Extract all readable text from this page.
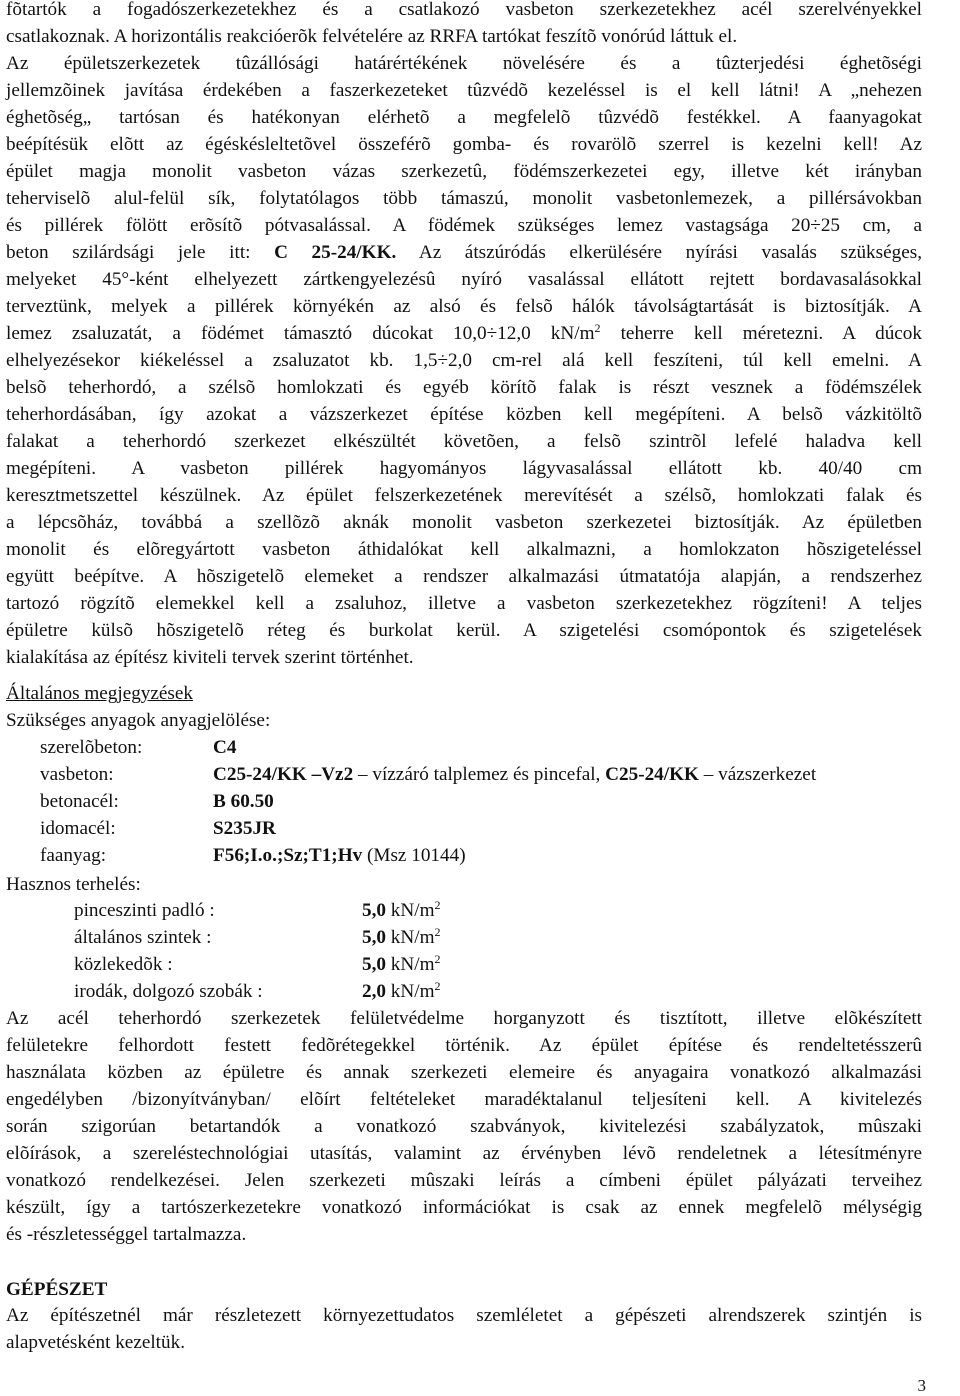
fõtartók a fogadószerkezetekhez és a csatlakozó vasbeton szerkezetekhez acél szerelvényekkel
csatlakoznak. A horizontális reakcióerõk felvételére az RRFA tartókat feszítõ vonórúd láttuk el.
Az épületszerkezetek tûzállósági határértékének növelésére és a tûzterjedési éghetõségi
jellemzõinek javítása érdekében a faszerkezeteket tûzvédõ kezeléssel is el kell látni! A „nehezen
éghetõség„ tartósan és hatékonyan elérhetõ a megfelelõ tûzvédõ festékkel. A faanyagokat
beépítésük elõtt az égéskésleltetõvel összeférõ gomba- és rovarölõ szerrel is kezelni kell! Az
épület magja monolit vasbeton vázas szerkezetû, födémszerkezetei egy, illetve két irányban
teherviselõ alul-felül sík, folytatólagos több támaszú, monolit vasbetonlemezek, a pillérsávokban
és pillérek fölött erõsítõ pótvasalással. A födémek szükséges lemez vastagsága 20÷25 cm, a
beton szilárdsági jele itt: C 25-24/KK. Az átszúródás elkerülésére nyírási vasalás szükséges,
melyeket 45°-ként elhelyezett zártkengyelezésû nyíró vasalással ellátott rejtett bordavasalásokkal
terveztünk, melyek a pillérek környékén az alsó és felsõ hálók távolságtartását is biztosítják. A
lemez zsaluzatát, a födémet támasztó dúcokat 10,0÷12,0 $kN/m^2$ teherre kell méretezni. A dúcok
elhelyezésekor kiékeléssel a zsaluzatot kb. 1,5÷2,0 cm-rel alá kell feszíteni, túl kell emelni. A
belsõ teherhordó, a szélsõ homlokzati és egyéb körítõ falak is részt vesznek a födémszélek
teherhordásában, így azokat a vázszerkezet építése közben kell megépíteni. A belsõ vázkitöltõ
falakat a teherhordó szerkezet elkészültét követõen, a felsõ szintrõl lefelé haladva kell
megépíteni. A vasbeton pillérek hagyományos lágyvasalással ellátott kb. 40/40 cm
keresztmetszettel készülnek. Az épület felszerkezetének merevítését a szélsõ, homlokzati falak és
a lépcsõház, továbbá a szellõzõ aknák monolit vasbeton szerkezetei biztosítják. Az épületben
monolit és elõregyártott vasbeton áthidalókat kell alkalmazni, a homlokzaton hõszigeteléssel
együtt beépítve. A hõszigetelõ elemeket a rendszer alkalmazási útmatatója alapján, a rendszerhez
tartozó rögzítõ elemekkel kell a zsaluhoz, illetve a vasbeton szerkezetekhez rögzíteni! A teljes
épületre külsõ hõszigetelõ réteg és burkolat kerül. A szigetelési csomópontok és szigetelések
kialakítása az építész kiviteli tervek szerint történhet.
Általános megjegyzések
Szükséges anyagok anyagjelölése:
szerelõbeton:	C4
vasbeton:	C25-24/KK –Vz2 – vízzáró talplemez és pincefal, C25-24/KK – vázszerkezet
betonacél:	B 60.50
idomacél:	S235JR
faanyag:	F56;I.o.;Sz;T1;Hv (Msz 10144)
Hasznos terhelés:
pinceszinti padló :	5,0 $kN/m^2$
általános szintek :	5,0 $kN/m^2$
közlekedõk :	5,0 $kN/m^2$
irodák, dolgozó szobák :	2,0 $kN/m^2$
Az acél teherhordó szerkezetek felületvédelme horganyzott és tisztított, illetve elõkészített
felületekre felhordott festett fedõrétegekkel történik. Az épület építése és rendeltetésszerû
használata közben az épületre és annak szerkezeti elemeire és anyagaira vonatkozó alkalmazási
engedélyben /bizonyítványban/ elõírt feltételeket maradéktalanul teljesíteni kell. A kivitelezés
során szigorúan betartandók a vonatkozó szabványok, kivitelezési szabályzatok, mûszaki
elõírások, a szereléstechnológiai utasítás, valamint az érvényben lévõ rendeletnek a létesítményre
vonatkozó rendelkezései. Jelen szerkezeti mûszaki leírás a címbeni épület pályázati terveihez
készült, így a tartószerkezetekre vonatkozó információkat is csak az ennek megfelelõ mélységig
és -részletességgel tartalmazza.
GÉPÉSZET
Az építészetnél már részletezett környezettudatos szemléletet a gépészeti alrendszerek szintjén is
alapvetésként kezeltük.
3
